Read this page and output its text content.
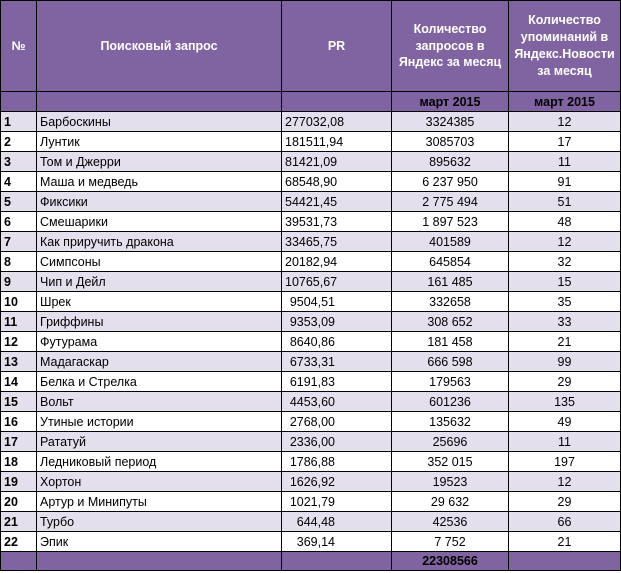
№	Поисковый запрос	PR	Количество запросов в Яндекс за месяц	Количество упоминаний в Яндекс.Новости за месяц
			март 2015	март 2015
1	Барбоскины	277032,08	3324385	12
2	Лунтик	181511,94	3085703	17
3	Том и Джерри	81421,09	895632	11
4	Маша и медведь	68548,90	6 237 950	91
5	Фиксики	54421,45	2 775 494	51
6	Смешарики	39531,73	1 897 523	48
7	Как приручить дракона	33465,75	401589	12
8	Симпсоны	20182,94	645854	32
9	Чип и Дейл	10765,67	161 485	15
10	Шрек	9504,51	332658	35
11	Гриффины	9353,09	308 652	33
12	Футурама	8640,86	181 458	21
13	Мадагаскар	6733,31	666 598	99
14	Белка и Стрелка	6191,83	179563	29
15	Вольт	4453,60	601236	135
16	Утиные истории	2768,00	135632	49
17	Рататуй	2336,00	25696	11
18	Ледниковый период	1786,88	352 015	197
19	Хортон	1626,92	19523	12
20	Артур и Минипуты	1021,79	29 632	29
21	Турбо	644,48	42536	66
22	Эпик	369,14	7 752	21
			22308566	
